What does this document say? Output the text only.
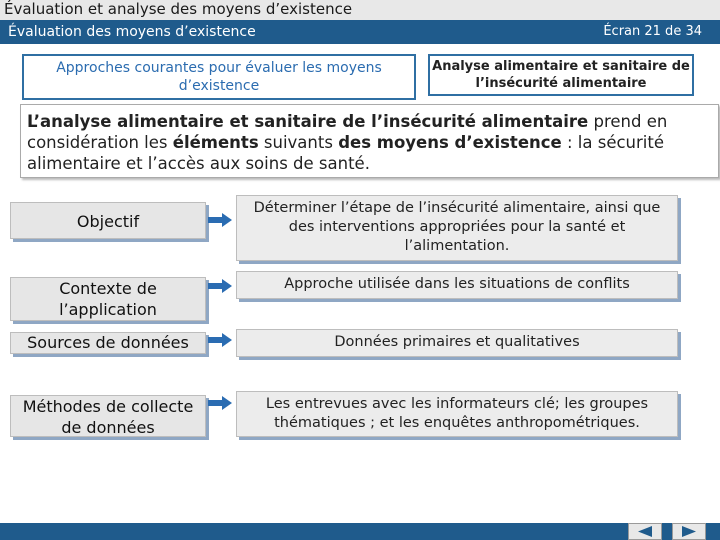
Évaluation et analyse des moyens d’existence
Évaluation des moyens d’existence	Écran 21 de 34
Approches courantes pour évaluer les moyens d’existence
Analyse alimentaire et sanitaire de l’insécurité alimentaire
L’analyse alimentaire et sanitaire de l’insécurité alimentaire prend en considération les éléments suivants des moyens d’existence : la sécurité alimentaire et l’accès aux soins de santé.
Objectif
Déterminer l’étape de l’insécurité alimentaire, ainsi que des interventions appropriées pour la santé et l’alimentation.
Contexte de l’application
Approche utilisée dans les situations de conflits
Sources de données	Données primaires et qualitatives
Méthodes de collecte de données
Les entrevues avec les informateurs clé; les groupes thématiques ; et les enquêtes anthropométriques.
